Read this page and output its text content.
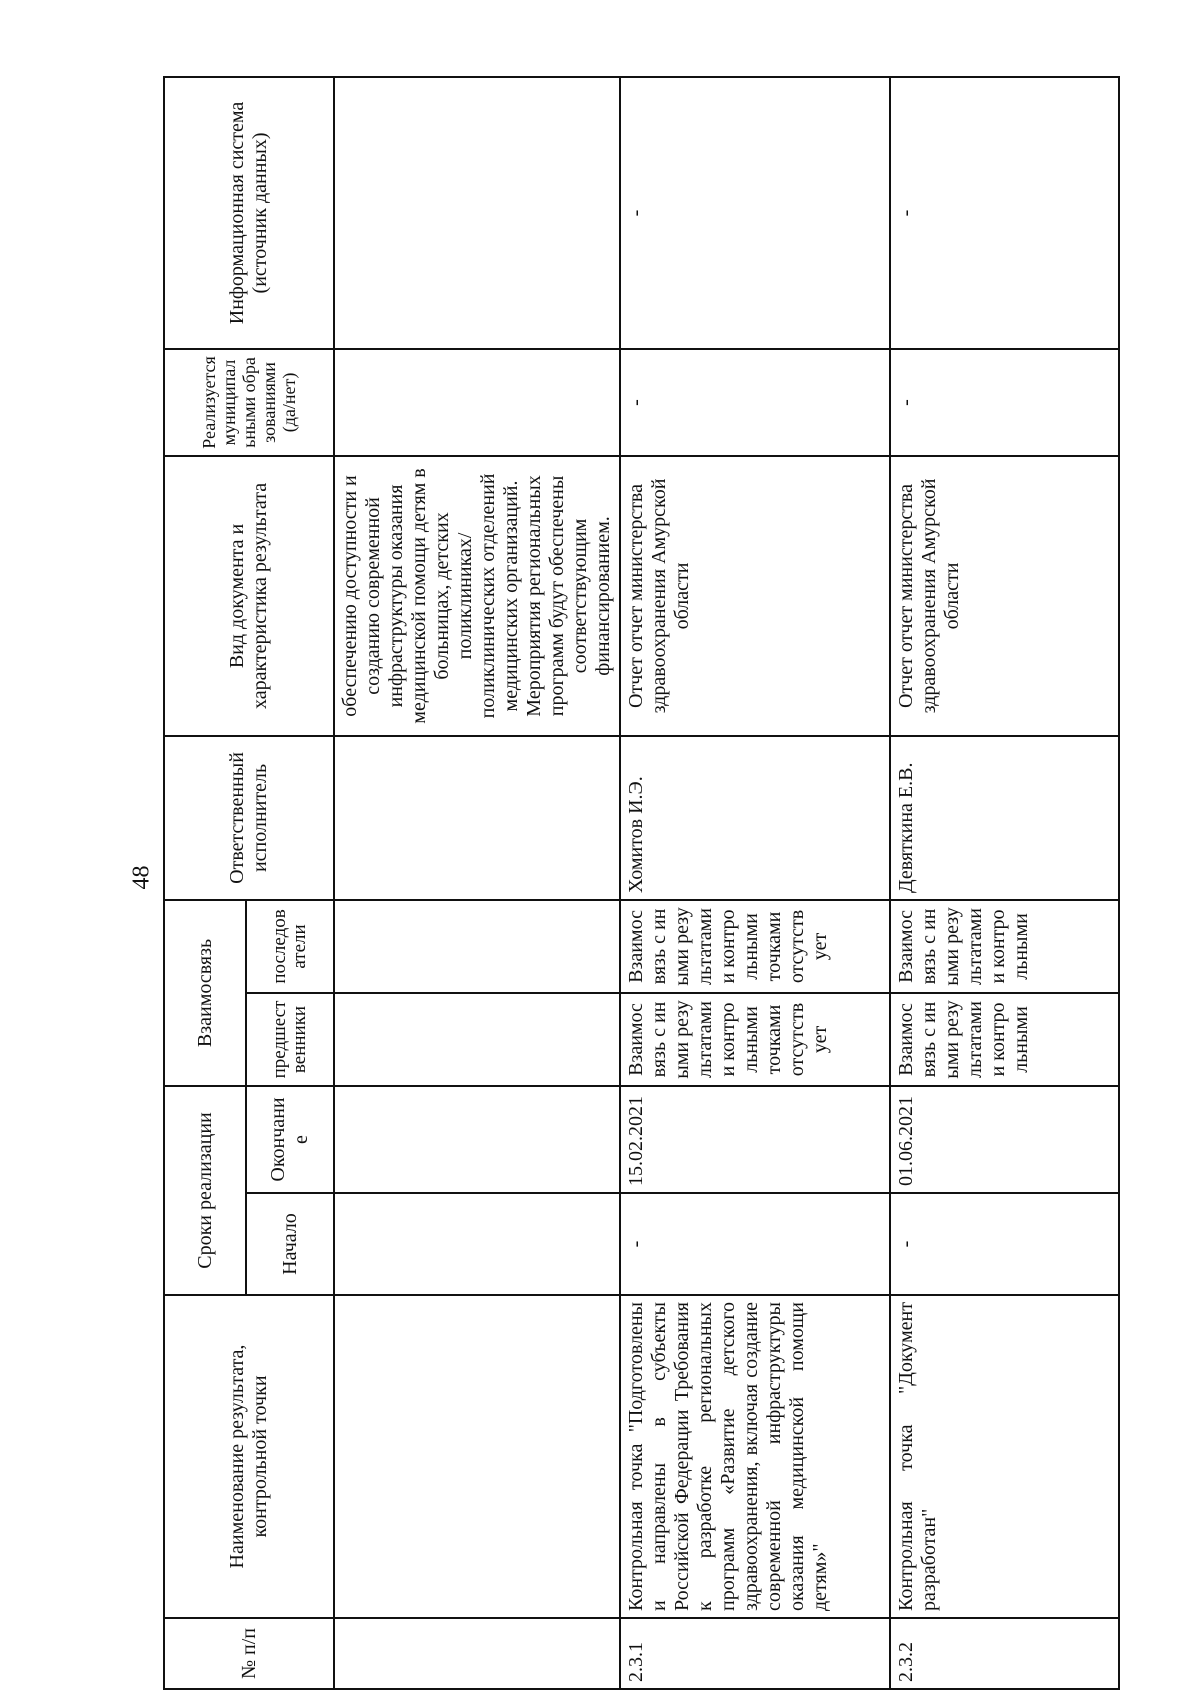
48
№ п/п	Наименование результата, контрольной точки	Сроки реализации		Взаимосвязь		Ответственный исполнитель	Вид документа и характеристика результата	Реализуется муниципальными образованиями (да/нет)	Информационная система (источник данных)
		Начало	Окончание	предшественники	последователи				
							обеспечению доступности и созданию современной инфраструктуры оказания медицинской помощи детям в больницах, детских поликлиниках/поликлинических отделений медицинских организаций. Мероприятия региональных программ будут обеспечены соответствующим финансированием.		
2.3.1	Контрольная точка "Подготовлены и направлены в субъекты Российской Федерации Требования к разработке региональных программ «Развитие детского здравоохранения, включая создание современной инфраструктуры оказания медицинской помощи детям»"	-	15.02.2021	Взаимосвязь с иными результатами и контрольными точками отсутствует	Взаимосвязь с иными результатами и контрольными точками отсутствует	Хомитов И.Э.	Отчет отчет министерства здравоохранения Амурской области	-	-
2.3.2	Контрольная точка "Документ разработан"	-	01.06.2021	Взаимосвязь с иными результатами и контрольными	Взаимосвязь с иными результатами и контрольными	Девяткина Е.В.	Отчет отчет министерства здравоохранения Амурской области	-	-
